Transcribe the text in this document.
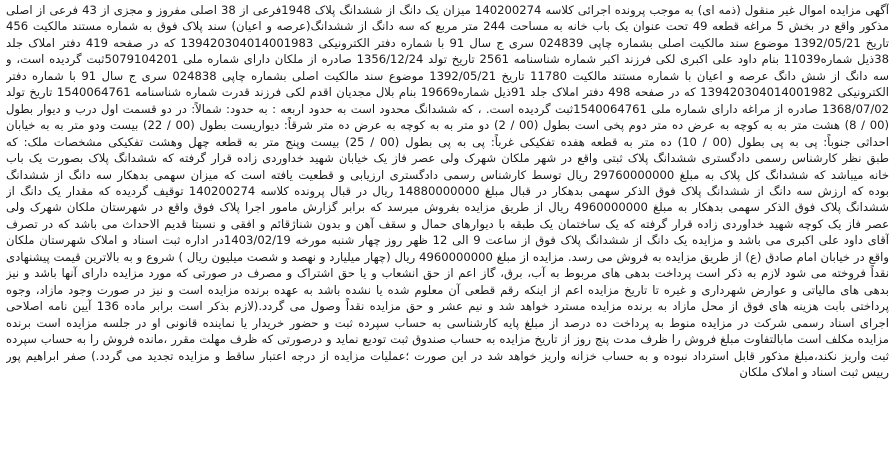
آگهی مزایده اموال غیر منقول (ذمه ای) به موجب پرونده اجرائی کلاسه 140200274 میزان یک دانگ از ششدانگ پلاک 1948فرعی از 38 اصلی مفروز و مجزی از 43 فرعی از اصلی
مذکور واقع در بخش 5 مراغه قطعه 49 تحت عنوان یک باب خانه به مساحت 244 متر مربع که سه دانگ از ششدانگ(عرصه و اعیان) سند پلاک فوق به شماره مستند مالکیت 456
تاریخ 1392/05/21 موضوع سند مالکیت اصلی بشماره چاپی 024839 سری ج سال 91 با شماره دفتر الکترونیکی 139420304014001983 که در صفحه 419 دفتر املاک جلد
38ذیل شماره11039 بنام داود علی اکبری لکی فرزند اکبر شماره شناسنامه 2561 تاریخ تولد 1356/12/24 صادره از ملکان دارای شماره ملی 5079104201ثبت گردیده است، و
سه دانگ از شش دانگ عرصه و اعیان با شماره مستند مالکیت 11780 تاریخ 1392/05/21 موضوع سند مالکیت اصلی بشماره چاپی 024838 سری ج سال 91 با شماره دفتر
الکترونیکی 139420304014001982 که در صفحه 498 دفتر املاک جلد 91ذیل شماره19669 بنام بلال مجدیان اقدم لکی فرزند قدرت شماره شناسنامه 1540064761 تاریخ تولد
1368/07/02 صادره از مراغه دارای شماره ملی 1540064761ثبت گردیده است. ، که ششدانگ محدود است به حدود اربعه : به حدود: شمالاً: در دو قسمت اول درب و دیوار بطول
(00 / 8) هشت متر به به کوچه به عرض ده متر دوم پخی است بطول (00 / 2) دو متر به به کوچه به عرض ده متر شرقاً: دیواریست بطول (00 / 22) بیست ودو متر به به خیابان
احداثی جنوباً: پی به پی بطول (00 / 10) ده متر به قطعه هفده تفکیکی غرباً: پی به پی بطول (00 / 25) بیست وپنج متر به قطعه چهل وهشت تفکیکی مشخصات ملک: که
طبق نظر کارشناس رسمی دادگستری ششدانگ پلاک ثبتی واقع در شهر ملکان شهرک ولی عصر فاز یک خیابان شهید خداوردی زاده قرار گرفته که ششدانگ پلاک بصورت یک باب
خانه میباشد که ششدانگ کل پلاک به مبلغ 29760000000 ریال توسط کارشناس رسمی دادگستری ارزیابی و قطعیت یافته است که میزان سهمی بدهکار سه دانگ از ششدانگ
بوده که ارزش سه دانگ از ششدانگ پلاک فوق الذکر سهمی بدهکار در قبال مبلغ 14880000000 ریال در قبال پرونده کلاسه 140200274 توقیف گردیده که مقدار یک دانگ از
ششدانگ پلاک فوق الذکر سهمی بدهکار به مبلغ 4960000000 ریال از طریق مزایده بفروش میرسد که برابر گزارش مامور اجرا پلاک فوق واقع در شهرستان ملکان شهرک ولی
عصر فاز یک کوچه شهید خداوردی زاده قرار گرفته که یک ساختمان یک طبقه با دیوارهای حمال و سقف آهن و بدون شناژقائم و افقی و نسبتا قدیم الاحداث می باشد که در تصرف
آقای داود علی اکبری می باشد و مزایده یک دانگ از ششدانگ پلاک فوق از ساعت 9 الی 12 ظهر روز چهار شنبه مورخه 1403/02/19در اداره ثبت اسناد و املاک شهرستان ملکان
واقع در خیابان امام صادق (ع) از طریق مزایده به فروش می رسد. مزایده از مبلغ 4960000000 ریال (چهار میلیارد و نهصد و شصت میلیون ریال ) شروع و به بالاترین قیمت پیشنهادی
نقداً فروخته می شود لازم به ذکر است پرداخت بدهی های مربوط به آب، برق، گاز اعم از حق انشعاب و یا حق اشتراک و مصرف در صورتی که مورد مزایده دارای آنها باشد و نیز
بدهی های مالیاتی و عوارض شهرداری و غیره تا تاریخ مزایده اعم از اینکه رقم قطعی آن معلوم شده یا نشده باشد به عهده برنده مزایده است و نیز در صورت وجود مازاد، وجوه
پرداختی بابت هزینه های فوق از محل مازاد به برنده مزایده مسترد خواهد شد و نیم عشر و حق مزایده نقداً وصول می گردد.(لازم بذکر است برابر ماده 136 آیین نامه اصلاحی
اجرای اسناد رسمی شرکت در مزایده منوط به پرداخت ده درصد از مبلغ پایه کارشناسی به حساب سپرده ثبت و حضور خریدار یا نماینده قانونی او در جلسه مزایده است برنده
مزایده مکلف است مابالتفاوت مبلغ فروش را ظرف مدت پنج روز از تاریخ مزایده به حساب صندوق ثبت تودیع نماید و درصورتی که ظرف مهلت مقرر ،مانده فروش را به حساب سپرده
ثبت واریز نکند،مبلغ مذکور قابل استرداد نبوده و به حساب خزانه واریز خواهد شد در این صورت ؛عملیات مزایده از درجه اعتبار ساقط و مزایده تجدید می گردد.) صفر ابراهیم پور
رییس ثبت اسناد و املاک ملکان
